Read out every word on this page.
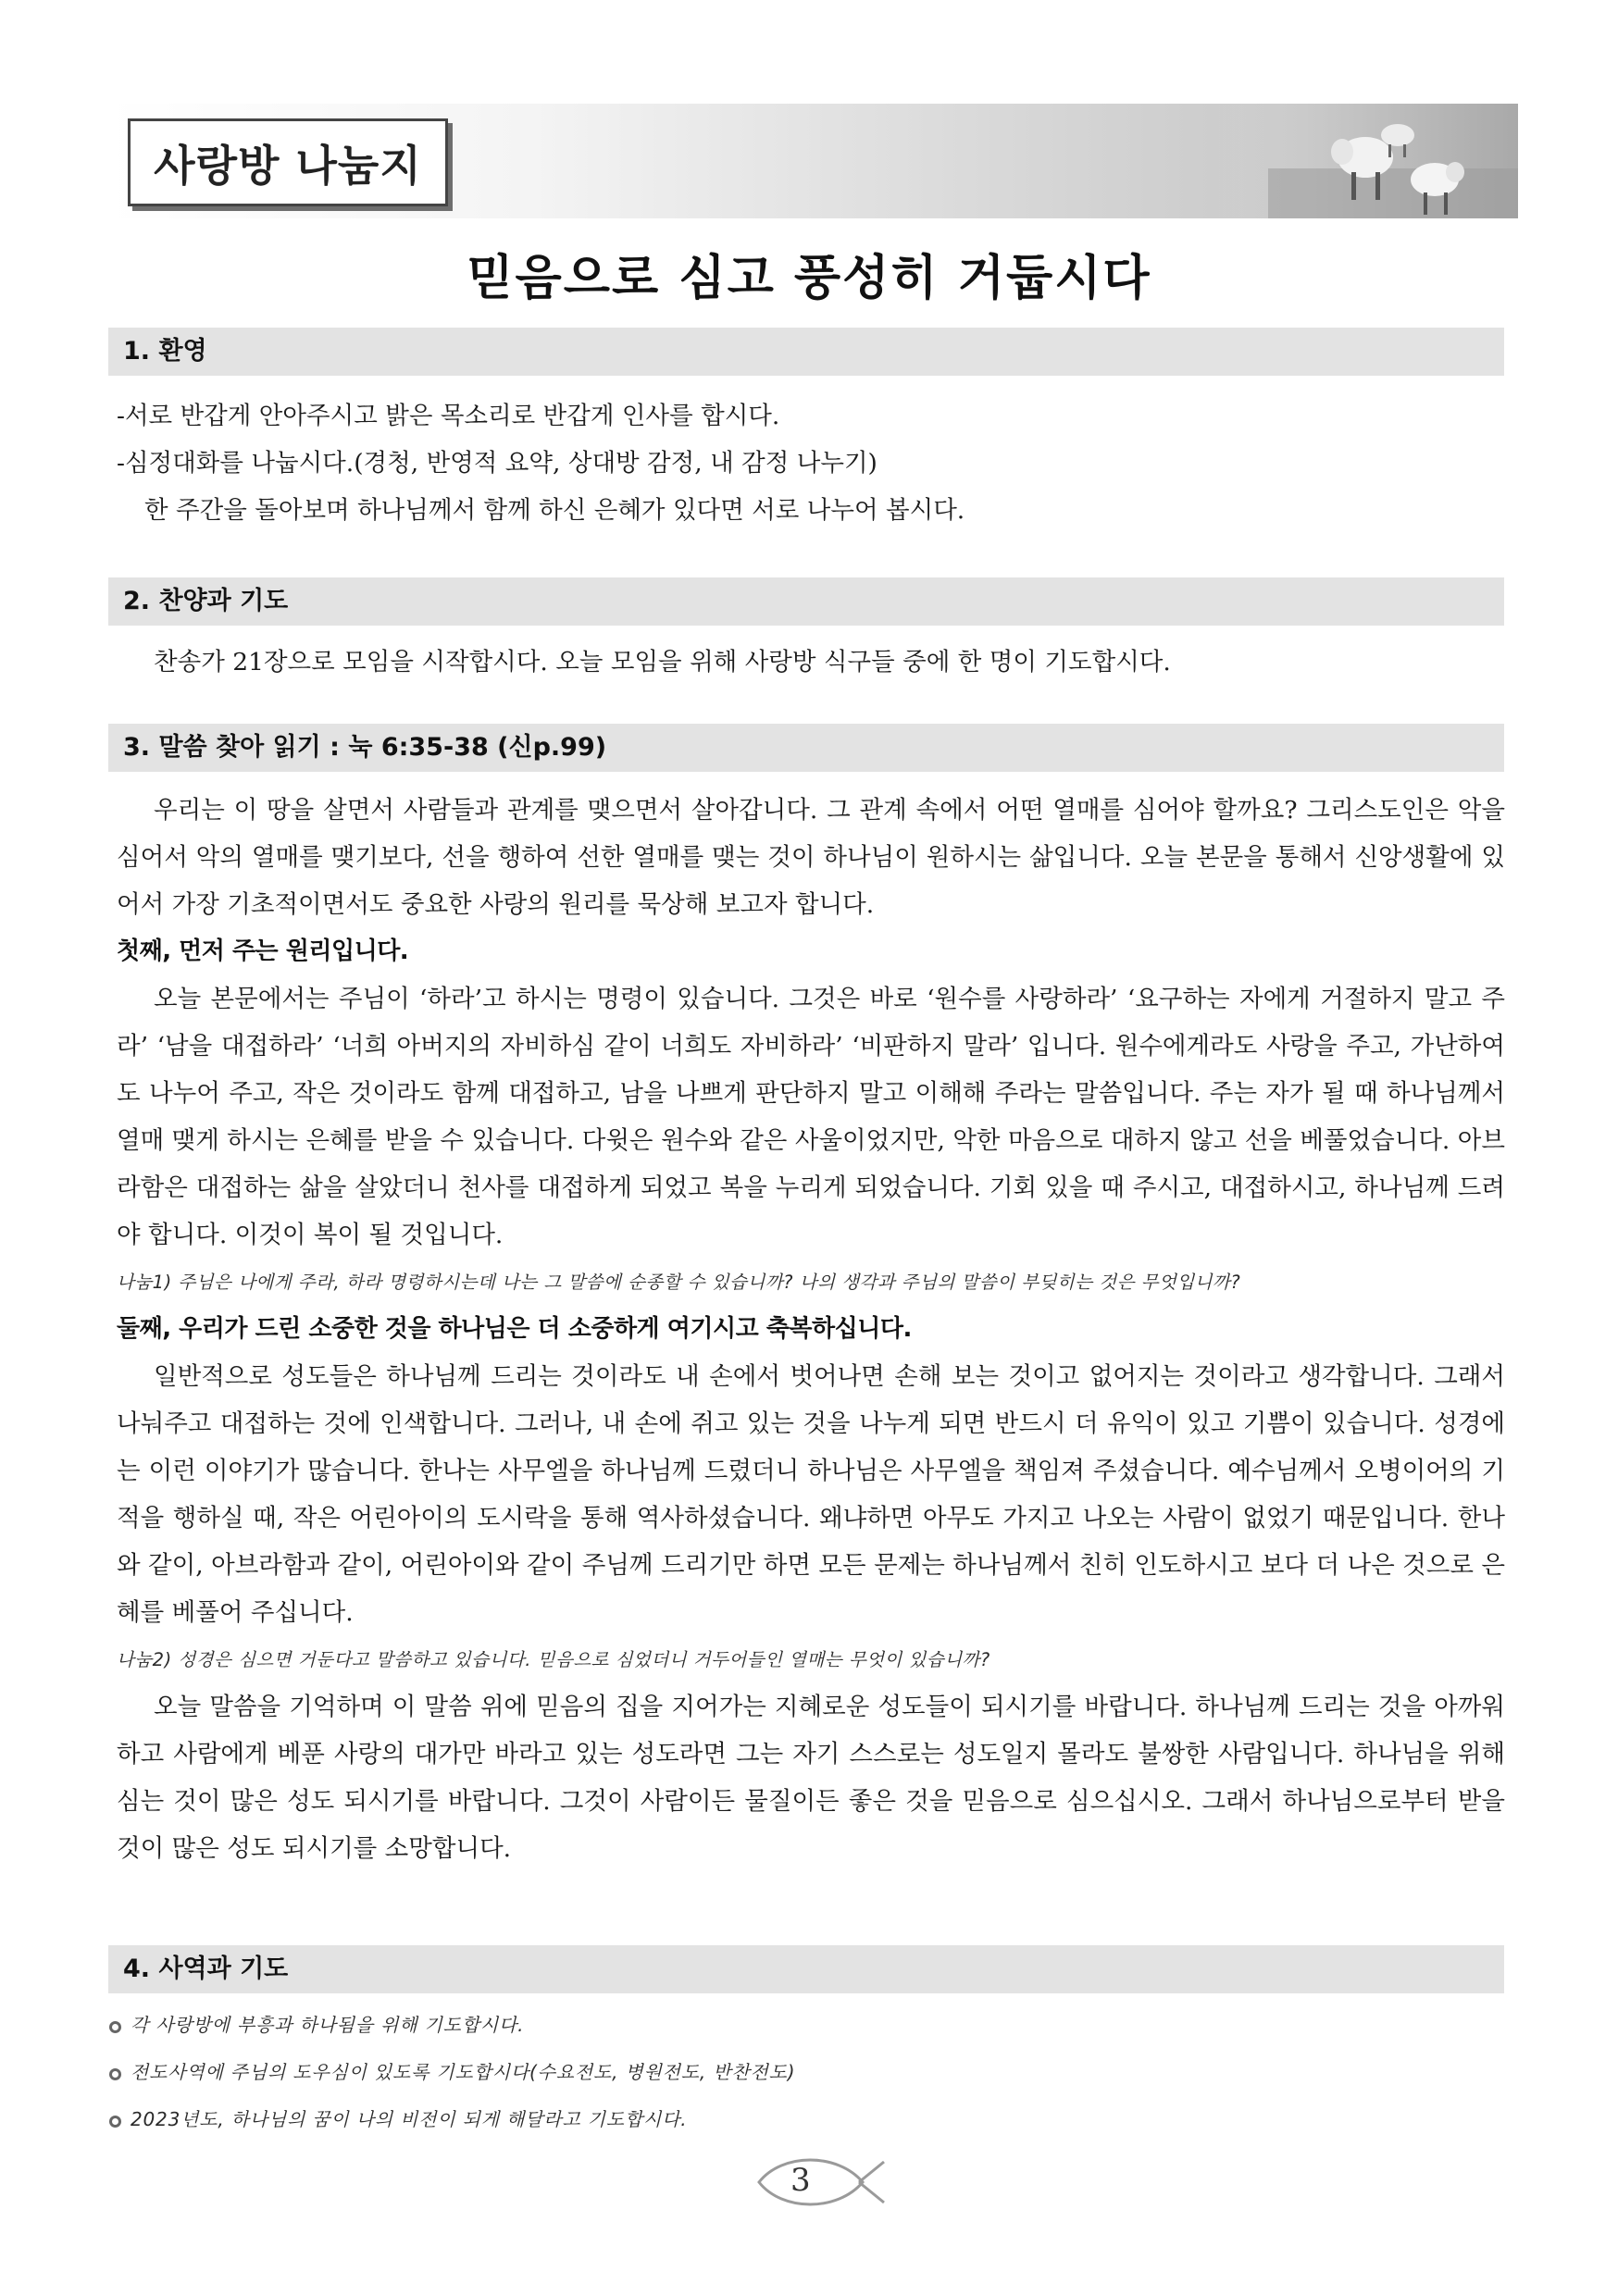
사랑방 나눔지
믿음으로 심고 풍성히 거둡시다
1. 환영
-서로 반갑게 안아주시고 밝은 목소리로 반갑게 인사를 합시다.
-심정대화를 나눕시다.(경청, 반영적 요약, 상대방 감정, 내 감정 나누기)
한 주간을 돌아보며 하나님께서 함께 하신 은혜가 있다면 서로 나누어 봅시다.
2. 찬양과 기도

찬송가 21장으로 모임을 시작합시다. 오늘 모임을 위해 사랑방 식구들 중에 한 명이 기도합시다.

3. 말씀 찾아 읽기 : 눅 6:35-38 (신p.99)

우리는 이 땅을 살면서 사람들과 관계를 맺으면서 살아갑니다. 그 관계 속에서 어떤 열매를 심어야 할까요? 그리스도인은 악을 심어서 악의 열매를 맺기보다, 선을 행하여 선한 열매를 맺는 것이 하나님이 원하시는 삶입니다. 오늘 본문을 통해서 신앙생활에 있어서 가장 기초적이면서도 중요한 사랑의 원리를 묵상해 보고자 합니다.

첫째, 먼저 주는 원리입니다.

오늘 본문에서는 주님이 ‘하라’고 하시는 명령이 있습니다. 그것은 바로 ‘원수를 사랑하라’ ‘요구하는 자에게 거절하지 말고 주라’ ‘남을 대접하라’ ‘너희 아버지의 자비하심 같이 너희도 자비하라’ ‘비판하지 말라’ 입니다. 원수에게라도 사랑을 주고, 가난하여도 나누어 주고, 작은 것이라도 함께 대접하고, 남을 나쁘게 판단하지 말고 이해해 주라는 말씀입니다. 주는 자가 될 때 하나님께서 열매 맺게 하시는 은혜를 받을 수 있습니다. 다윗은 원수와 같은 사울이었지만, 악한 마음으로 대하지 않고 선을 베풀었습니다. 아브라함은 대접하는 삶을 살았더니 천사를 대접하게 되었고 복을 누리게 되었습니다. 기회 있을 때 주시고, 대접하시고, 하나님께 드려야 합니다. 이것이 복이 될 것입니다.

나눔1) 주님은 나에게 주라, 하라 명령하시는데 나는 그 말씀에 순종할 수 있습니까? 나의 생각과 주님의 말씀이 부딪히는 것은 무엇입니까?
둘째, 우리가 드린 소중한 것을 하나님은 더 소중하게 여기시고 축복하십니다.

일반적으로 성도들은 하나님께 드리는 것이라도 내 손에서 벗어나면 손해 보는 것이고 없어지는 것이라고 생각합니다. 그래서 나눠주고 대접하는 것에 인색합니다. 그러나, 내 손에 쥐고 있는 것을 나누게 되면 반드시 더 유익이 있고 기쁨이 있습니다. 성경에는 이런 이야기가 많습니다. 한나는 사무엘을 하나님께 드렸더니 하나님은 사무엘을 책임져 주셨습니다. 예수님께서 오병이어의 기적을 행하실 때, 작은 어린아이의 도시락을 통해 역사하셨습니다. 왜냐하면 아무도 가지고 나오는 사람이 없었기 때문입니다. 한나와 같이, 아브라함과 같이, 어린아이와 같이 주님께 드리기만 하면 모든 문제는 하나님께서 친히 인도하시고 보다 더 나은 것으로 은혜를 베풀어 주십니다.

나눔2) 성경은 심으면 거둔다고 말씀하고 있습니다. 믿음으로 심었더니 거두어들인 열매는 무엇이 있습니까?

오늘 말씀을 기억하며 이 말씀 위에 믿음의 집을 지어가는 지혜로운 성도들이 되시기를 바랍니다. 하나님께 드리는 것을 아까워하고 사람에게 베푼 사랑의 대가만 바라고 있는 성도라면 그는 자기 스스로는 성도일지 몰라도 불쌍한 사람입니다. 하나님을 위해 심는 것이 많은 성도 되시기를 바랍니다. 그것이 사람이든 물질이든 좋은 것을 믿음으로 심으십시오. 그래서 하나님으로부터 받을 것이 많은 성도 되시기를 소망합니다.

4. 사역과 기도
각 사랑방에 부흥과 하나됨을 위해 기도합시다.
전도사역에 주님의 도우심이 있도록 기도합시다(수요전도, 병원전도, 반찬전도)
2023년도, 하나님의 꿈이 나의 비전이 되게 해달라고 기도합시다.
3
